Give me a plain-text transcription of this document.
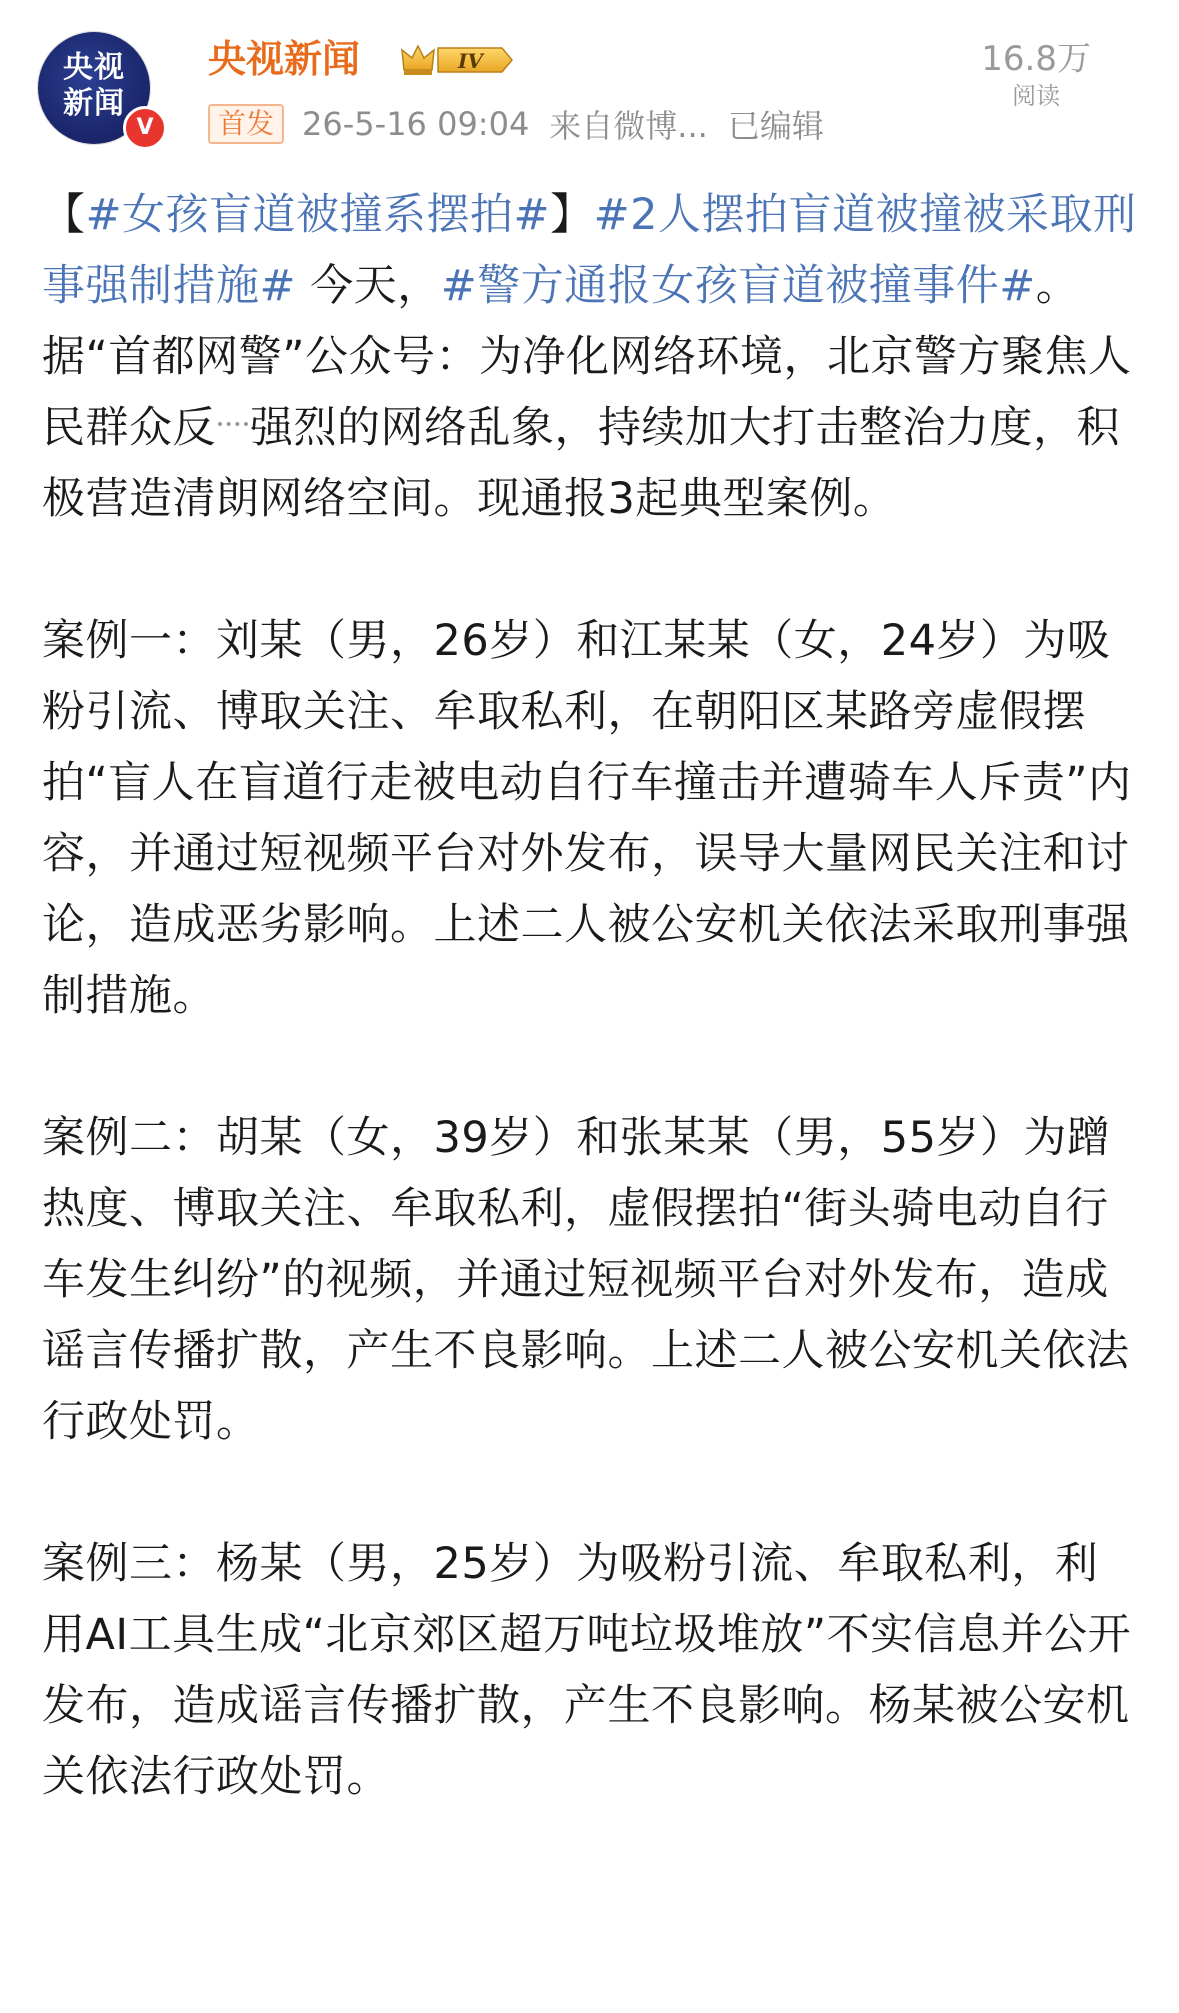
央视
新闻
V
央视新闻	IV
首发 26-5-16 09:04 来自微博... 已编辑
16.8万
阅读

【#女孩盲道被撞系摆拍#】#2人摆拍盲道被撞被采取刑事强制措施# 今天，#警方通报女孩盲道被撞事件#。据“首都网警”公众号：为净化网络环境，北京警方聚焦人民群众反 强烈的网络乱象，持续加大打击整治力度，积极营造清朗网络空间。现通报3起典型案例。

案例一：刘某（男，26岁）和江某某（女，24岁）为吸粉引流、博取关注、牟取私利，在朝阳区某路旁虚假摆拍“盲人在盲道行走被电动自行车撞击并遭骑车人斥责”内容，并通过短视频平台对外发布，误导大量网民关注和讨论，造成恶劣影响。上述二人被公安机关依法采取刑事强制措施。

案例二：胡某（女，39岁）和张某某（男，55岁）为蹭热度、博取关注、牟取私利，虚假摆拍“街头骑电动自行车发生纠纷”的视频，并通过短视频平台对外发布，造成谣言传播扩散，产生不良影响。上述二人被公安机关依法行政处罚。

案例三：杨某（男，25岁）为吸粉引流、牟取私利，利用AI工具生成“北京郊区超万吨垃圾堆放”不实信息并公开发布，造成谣言传播扩散，产生不良影响。杨某被公安机关依法行政处罚。
